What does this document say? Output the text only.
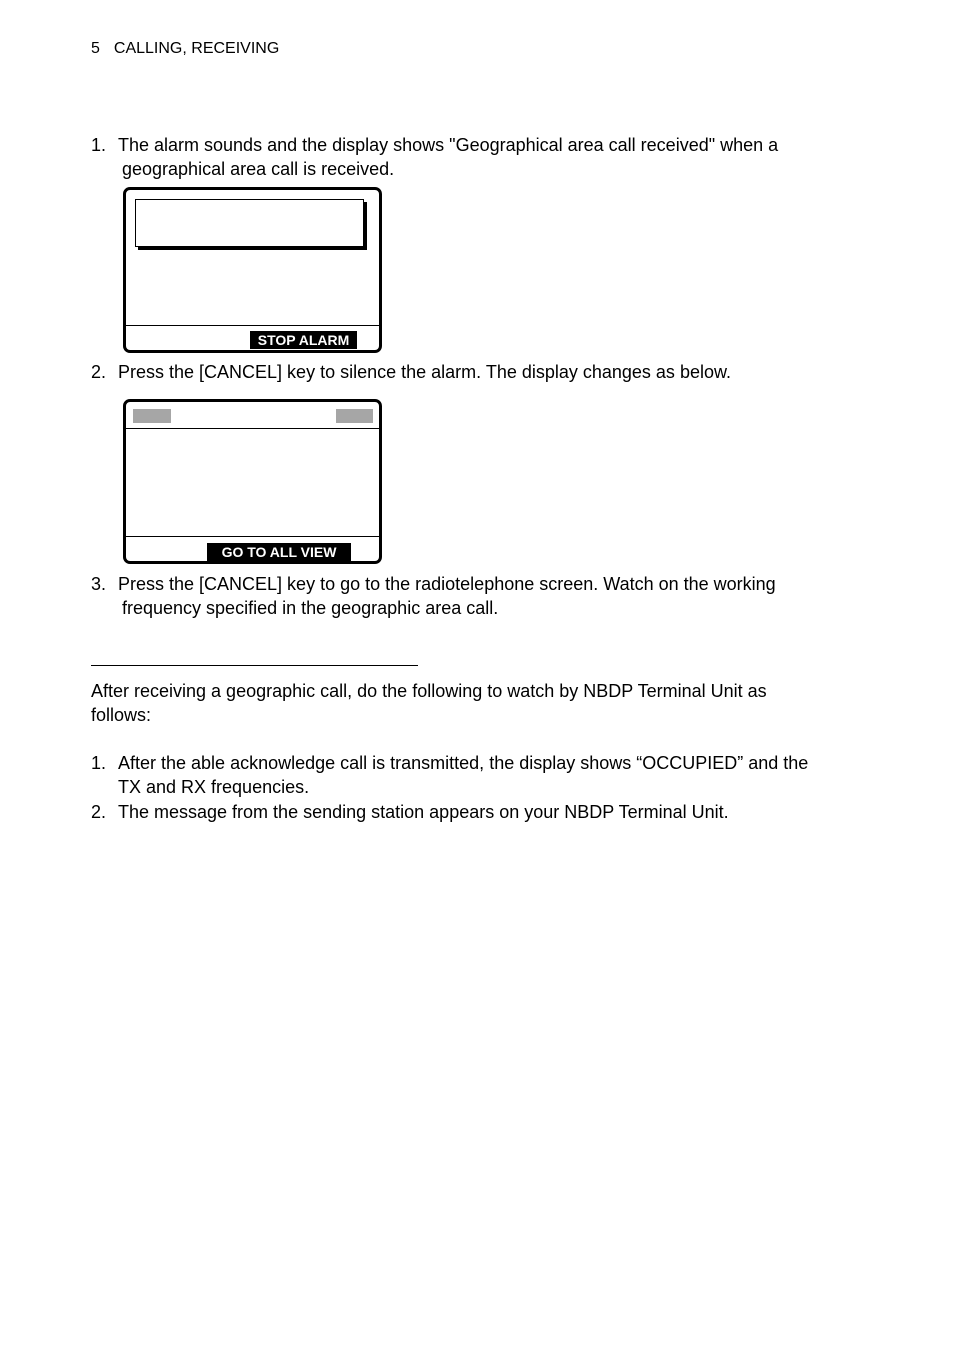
5 CALLING, RECEIVING
1. The alarm sounds and the display shows "Geographical area call received" when a
geographical area call is received.
STOP ALARM
2. Press the [CANCEL] key to silence the alarm. The display changes as below.
GO TO ALL VIEW
3. Press the [CANCEL] key to go to the radiotelephone screen. Watch on the working
frequency specified in the geographic area call.
After receiving a geographic call, do the following to watch by NBDP Terminal Unit as
follows:
1. After the able acknowledge call is transmitted, the display shows “OCCUPIED” and the
TX and RX frequencies.
2. The message from the sending station appears on your NBDP Terminal Unit.
